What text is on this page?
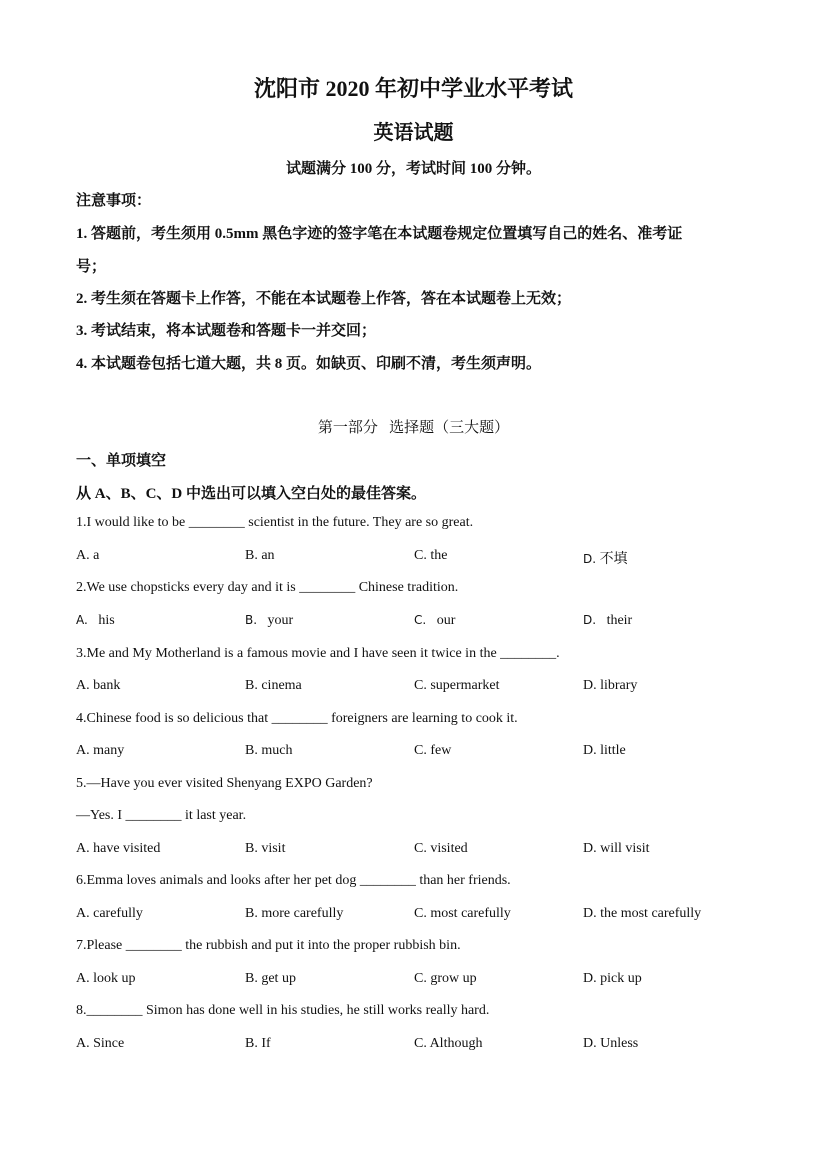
沈阳市 2020 年初中学业水平考试
英语试题
试题满分 100 分，考试时间 100 分钟。
注意事项：
1. 答题前，考生须用 0.5mm 黑色字迹的签字笔在本试题卷规定位置填写自己的姓名、准考证
号；
2. 考生须在答题卡上作答，不能在本试题卷上作答，答在本试题卷上无效；
3. 考试结束，将本试题卷和答题卡一并交回；
4. 本试题卷包括七道大题，共 8 页。如缺页、印刷不清，考生须声明。
第一部分   选择题（三大题）
一、单项填空
从 A、B、C、D 中选出可以填入空白处的最佳答案。
1.I would like to be ________ scientist in the future. They are so great.
A. a	B. an	C. the	D. 不填
2.We use chopsticks every day and it is ________ Chinese tradition.
A. his	B. your	C. our	D. their
3.Me and My Motherland is a famous movie and I have seen it twice in the ________.
A. bank	B. cinema	C. supermarket	D. library
4.Chinese food is so delicious that ________ foreigners are learning to cook it.
A. many	B. much	C. few	D. little
5.—Have you ever visited Shenyang EXPO Garden?
—Yes. I ________ it last year.
A. have visited	B. visit	C. visited	D. will visit
6.Emma loves animals and looks after her pet dog ________ than her friends.
A. carefully	B. more carefully	C. most carefully	D. the most carefully
7.Please ________ the rubbish and put it into the proper rubbish bin.
A. look up	B. get up	C. grow up	D. pick up
8.________ Simon has done well in his studies, he still works really hard.
A. Since	B. If	C. Although	D. Unless
